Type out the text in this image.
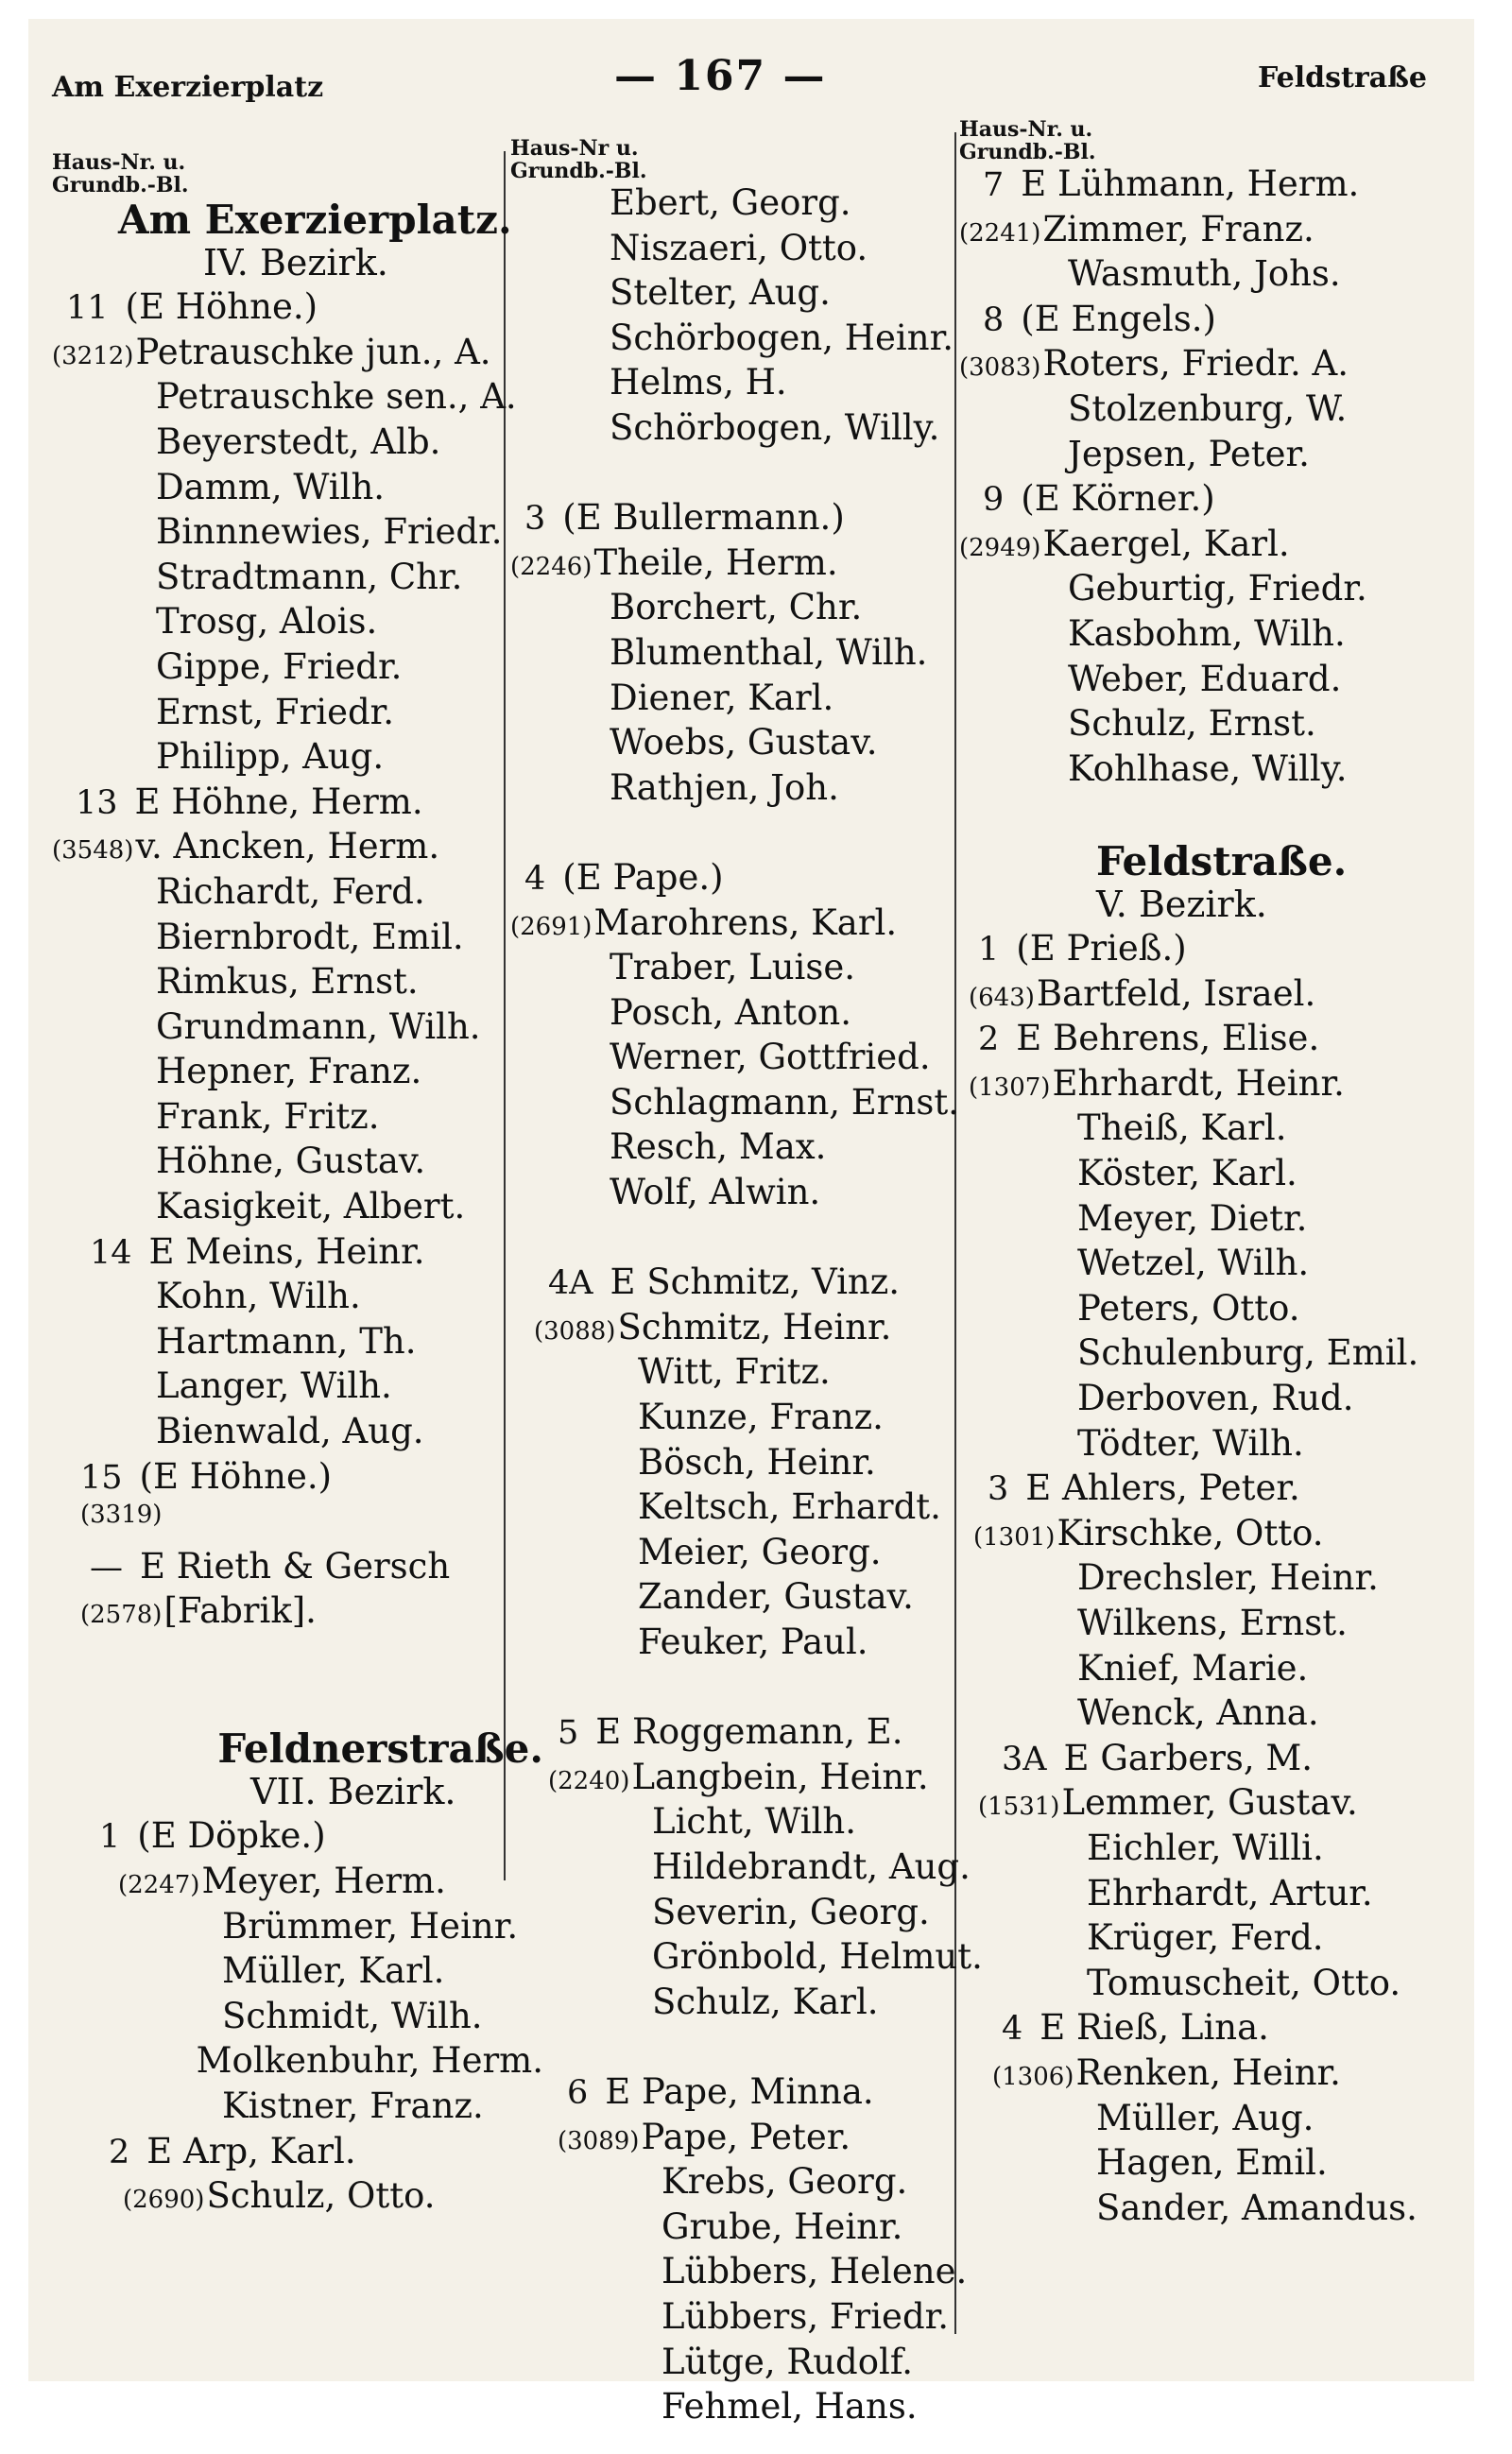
Am Exerzierplatz	— 167 —	Feldstraße
Haus-Nr. u.
Grundb.-Bl.
Am Exerzierplatz.
IV. Bezirk.
11 (E Höhne.)
(3212) Petrauschke jun., A.
Petrauschke sen., A.
Beyerstedt, Alb.
Damm, Wilh.
Binnnewies, Friedr.
Stradtmann, Chr.
Trosg, Alois.
Gippe, Friedr.
Ernst, Friedr.
Philipp, Aug.
13 E Höhne, Herm.
(3548) v. Ancken, Herm.
Richardt, Ferd.
Biernbrodt, Emil.
Rimkus, Ernst.
Grundmann, Wilh.
Hepner, Franz.
Frank, Fritz.
Höhne, Gustav.
Kasigkeit, Albert.
14 E Meins, Heinr.
Kohn, Wilh.
Hartmann, Th.
Langer, Wilh.
Bienwald, Aug.
15 (E Höhne.)
(3319)
— E Rieth & Gersch
(2578) [Fabrik].
Feldnerstraße.
VII. Bezirk.
1 (E Döpke.)
(2247) Meyer, Herm.
Brümmer, Heinr.
Müller, Karl.
Schmidt, Wilh.
Molkenbuhr, Herm.
Kistner, Franz.
2 E Arp, Karl.
(2690) Schulz, Otto.
Haus-Nr u.
Grundb.-Bl.
Ebert, Georg.
Niszaeri, Otto.
Stelter, Aug.
Schörbogen, Heinr.
Helms, H.
Schörbogen, Willy.
3 (E Bullermann.)
(2246) Theile, Herm.
Borchert, Chr.
Blumenthal, Wilh.
Diener, Karl.
Woebs, Gustav.
Rathjen, Joh.
4 (E Pape.)
(2691) Marohrens, Karl.
Traber, Luise.
Posch, Anton.
Werner, Gottfried.
Schlagmann, Ernst.
Resch, Max.
Wolf, Alwin.
4A E Schmitz, Vinz.
(3088) Schmitz, Heinr.
Witt, Fritz.
Kunze, Franz.
Bösch, Heinr.
Keltsch, Erhardt.
Meier, Georg.
Zander, Gustav.
Feuker, Paul.
5 E Roggemann, E.
(2240) Langbein, Heinr.
Licht, Wilh.
Hildebrandt, Aug.
Severin, Georg.
Grönbold, Helmut.
Schulz, Karl.
6 E Pape, Minna.
(3089) Pape, Peter.
Krebs, Georg.
Grube, Heinr.
Lübbers, Helene.
Lübbers, Friedr.
Lütge, Rudolf.
Fehmel, Hans.
Haus-Nr. u.
Grundb.-Bl.
7 E Lühmann, Herm.
(2241) Zimmer, Franz.
Wasmuth, Johs.
8 (E Engels.)
(3083) Roters, Friedr. A.
Stolzenburg, W.
Jepsen, Peter.
9 (E Körner.)
(2949) Kaergel, Karl.
Geburtig, Friedr.
Kasbohm, Wilh.
Weber, Eduard.
Schulz, Ernst.
Kohlhase, Willy.
Feldstraße.
V. Bezirk.
1 (E Prieß.)
(643) Bartfeld, Israel.
2 E Behrens, Elise.
(1307) Ehrhardt, Heinr.
Theiß, Karl.
Köster, Karl.
Meyer, Dietr.
Wetzel, Wilh.
Peters, Otto.
Schulenburg, Emil.
Derboven, Rud.
Tödter, Wilh.
3 E Ahlers, Peter.
(1301) Kirschke, Otto.
Drechsler, Heinr.
Wilkens, Ernst.
Knief, Marie.
Wenck, Anna.
3A E Garbers, M.
(1531) Lemmer, Gustav.
Eichler, Willi.
Ehrhardt, Artur.
Krüger, Ferd.
Tomuscheit, Otto.
4 E Rieß, Lina.
(1306) Renken, Heinr.
Müller, Aug.
Hagen, Emil.
Sander, Amandus.
